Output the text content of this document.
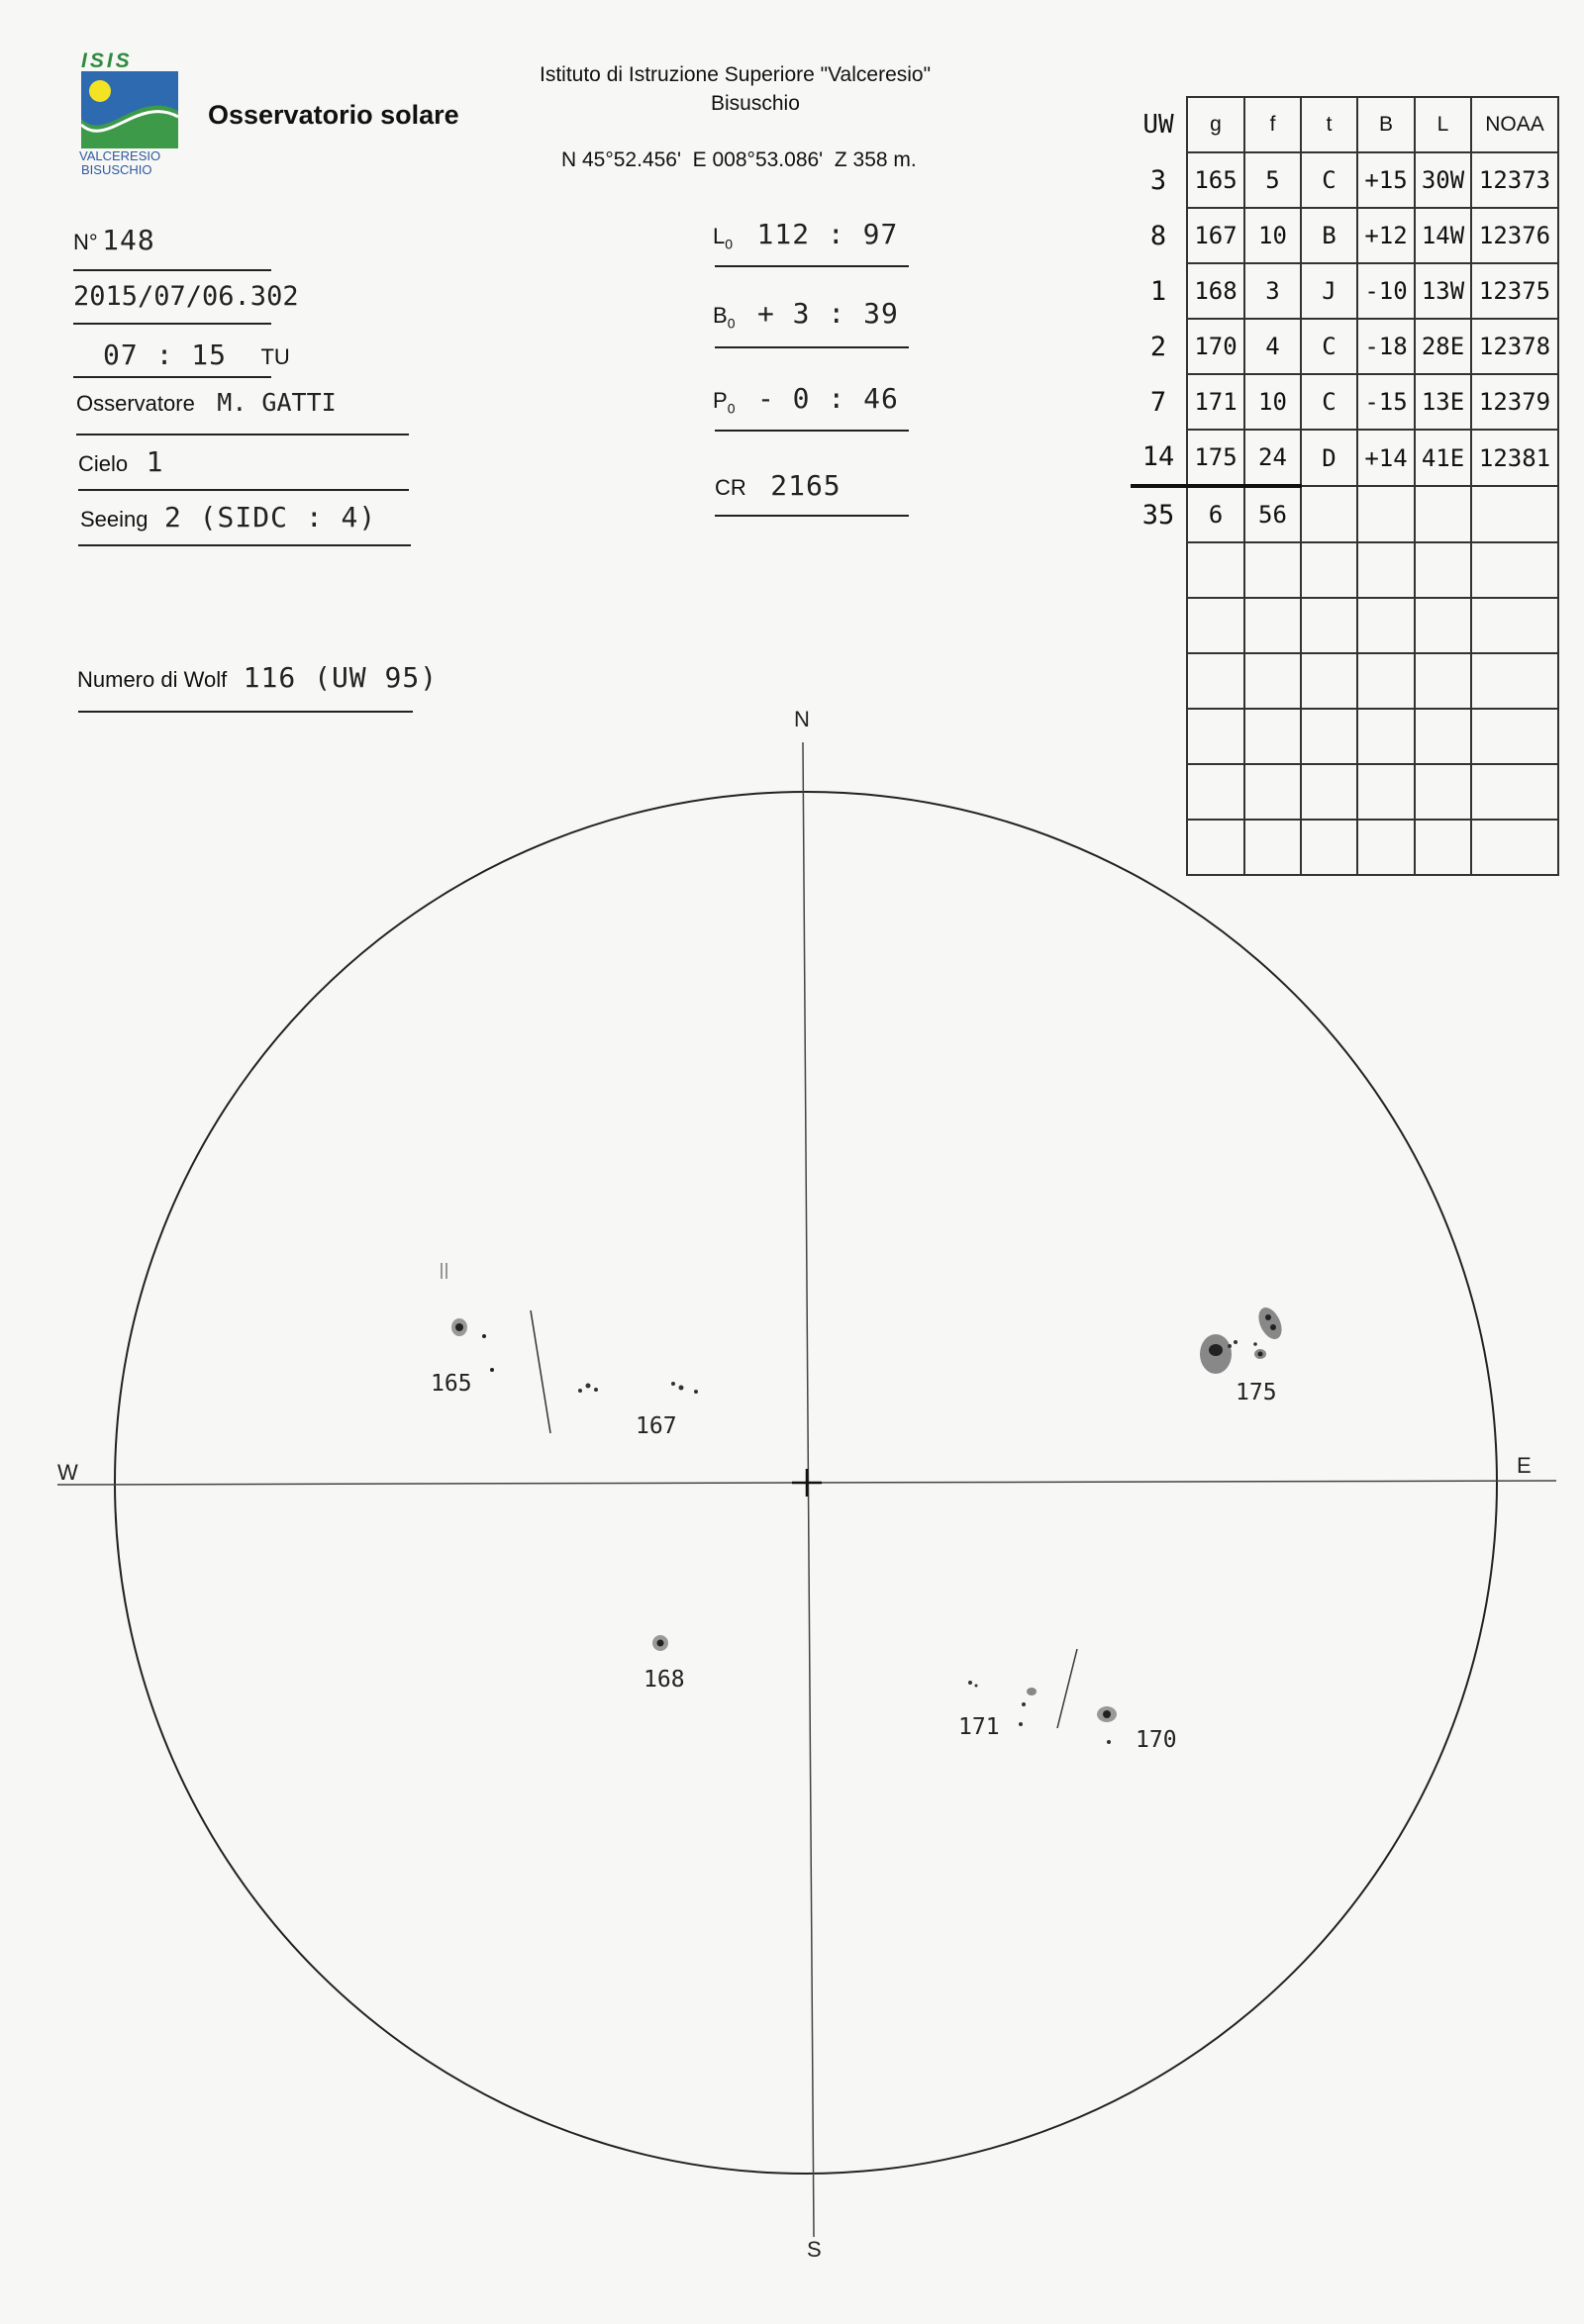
ISIS
VALCERESIO
BISUSCHIO
Osservatorio solare
Istituto di Istruzione Superiore "Valceresio"
Bisuschio
N 45°52.456'  E 008°53.086'  Z 358 m.
N° 148
2015/07/06.302
07 : 15 TU
Osservatore M. GATTI
Cielo 1
Seeing 2 (SIDC : 4)
Numero di Wolf 116 (UW 95)
$L_0$ 112 : 97
$B_0 + 3$ : 39
$P_0 - 0$ : 46
CR 2165
UW	g	f	t	B	L	NOAA
3	165	5	C	+15	30W	12373
8	167	10	B	+12	14W	12376
1	168	3	J	-10	13W	12375
2	170	4	C	-18	28E	12378
7	171	10	C	-15	13E	12379
14	175	24	D	+14	41E	12381
35	6	56				

N
S
W	E
165
167
168
171	170
175
